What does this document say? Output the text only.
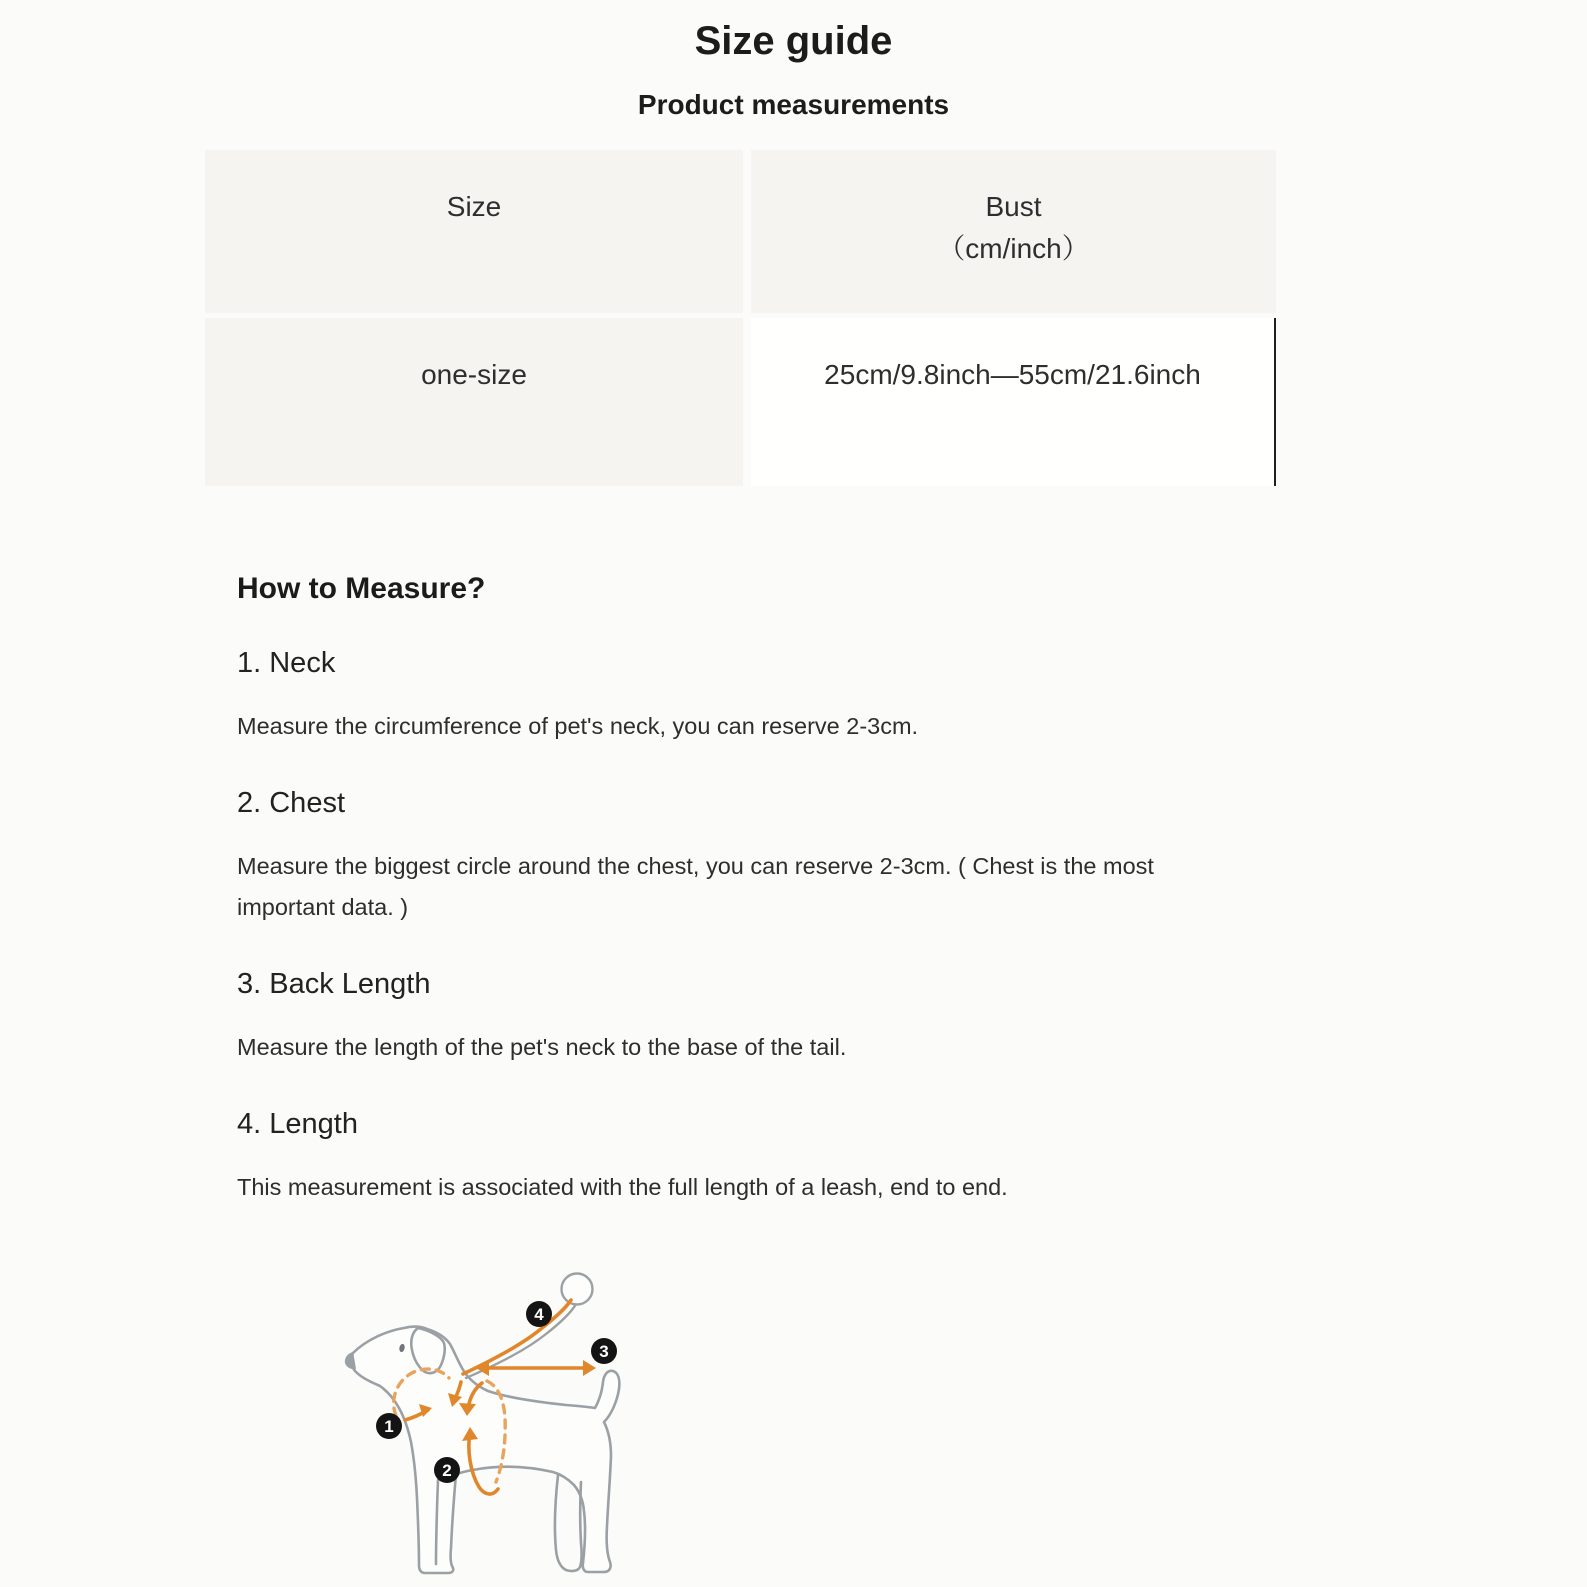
Size guide
Product measurements
Size	Bust
（cm/inch）
one-size	25cm/9.8inch—55cm/21.6inch
How to Measure?
1. Neck

Measure the circumference of pet's neck, you can reserve 2-3cm.

2. Chest

Measure the biggest circle around the chest, you can reserve 2-3cm. ( Chest is the most important data. )

3. Back Length

Measure the length of the pet's neck to the base of the tail.

4. Length

This measurement is associated with the full length of a leash, end to end.

1
2
3
4
